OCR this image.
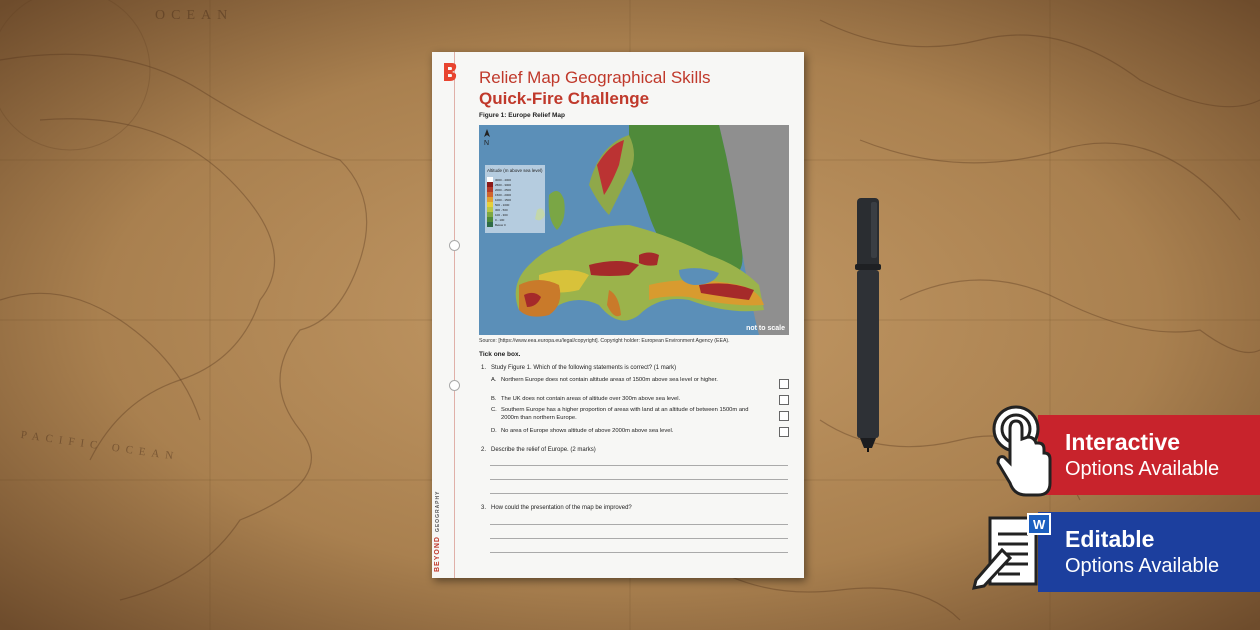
OCEAN
PACIFIC OCEAN
BEYONDGEOGRAPHY
Relief Map Geographical Skills
Quick-Fire Challenge
Figure 1: Europe Relief Map
Altitude (m above sea level)
3000 - 4000
2500 - 3000
2000 - 2500
1500 - 2000
1000 - 1500
500 - 1000
300 - 500
100 - 300
0 - 100
Below 0
N
not to scale
Source: [https://www.eea.europa.eu/legal/copyright]. Copyright holder: European Environment Agency (EEA).
Tick one box.
1. Study Figure 1. Which of the following statements is correct? (1 mark)
A. Northern Europe does not contain altitude areas of 1500m above sea level or higher.
B. The UK does not contain areas of altitude over 300m above sea level.
C. Southern Europe has a higher proportion of areas with land at an altitude of between 1500m and 2000m than northern Europe.
D. No area of Europe shows altitude of above 2000m above sea level.
2. Describe the relief of Europe. (2 marks)
3. How could the presentation of the map be improved?
Interactive
Options Available
Editable
Options Available
W
